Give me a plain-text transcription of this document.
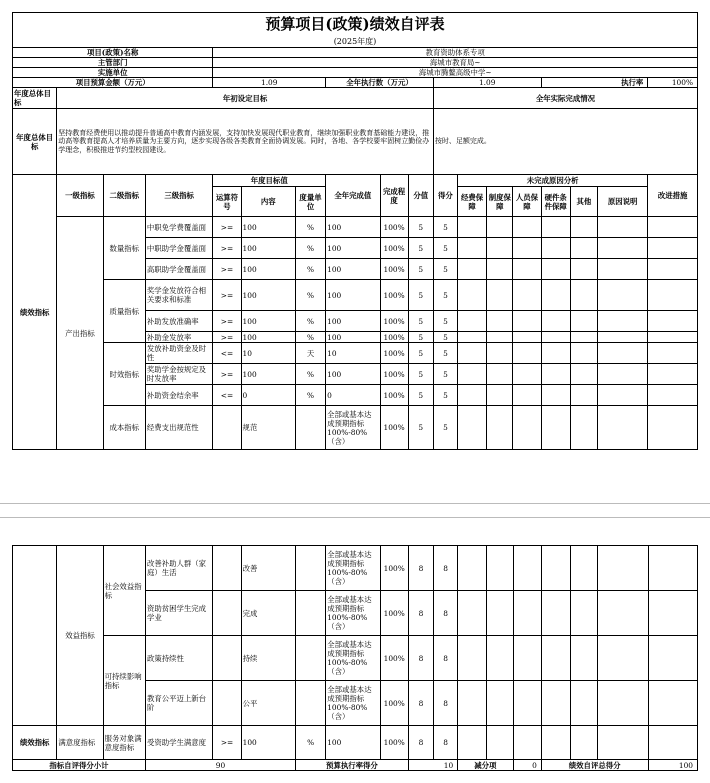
预算项目(政策)绩效自评表																	
(2025年度)																	
项目(政策)名称				教育资助体系专项													
主管部门				海城市教育局~													
实施单位				海城市腾鳌高级中学~													
项目预算金额（万元）				1.09			全年执行数（万元）			1.09				执行率			100%
年度总体目标	年初设定目标									全年实际完成情况							
年度总体目标	坚持教育经费使用以推动提升普通高中教育内涵发展，支持加快发展现代职业教育，继续加强职业教育基础能力建设，推动高等教育提高人才培养质量为主要方向，逐步实现各级各类教育全面协调发展。同时，各地、各学校要牢固树立勤俭办学理念，积极推进节约型校园建设。									按时、足额完成。							
绩效指标	一级指标	二级指标	三级指标	年度目标值			全年完成值	完成程度	分值	得分	未完成原因分析						改进措施
				运算符号	内容	度量单位					经费保障	制度保障	人员保障	硬件条件保障	其他	原因说明	
	产出指标	数量指标	中职免学费覆盖面	>=	100	%	100	100%	5	5							
			中职助学金覆盖面	>=	100	%	100	100%	5	5							
			高职助学金覆盖面	>=	100	%	100	100%	5	5							
		质量指标	奖学金发放符合相关要求和标准	>=	100	%	100	100%	5	5							
			补助发放准确率	>=	100	%	100	100%	5	5							
			补助金发放率	>=	100	%	100	100%	5	5							
		时效指标	发放补助资金及时性	<=	10	天	10	100%	5	5							
			奖助学金按规定及时发放率	>=	100	%	100	100%	5	5							
			补助资金结余率	<=	0	%	0	100%	5	5							
		成本指标	经费支出规范性		规范		全部或基本达成预期指标100%-80%（含）	100%	5	5							
	效益指标	社会效益指标	改善补助人群（家庭）生活		改善		全部或基本达成预期指标100%-80%（含）	100%	8	8							
			资助贫困学生完成学业		完成		全部或基本达成预期指标100%-80%（含）	100%	8	8							
		可持续影响指标	政策持续性		持续		全部或基本达成预期指标100%-80%（含）	100%	8	8							
			教育公平迈上新台阶		公平		全部或基本达成预期指标100%-80%（含）	100%	8	8							
绩效指标	满意度指标	服务对象满意度指标	受资助学生满意度	>=	100	%	100	100%	8	8							
指标自评得分小计			90			预算执行率得分			10		减分项		0	绩效自评总得分			100
